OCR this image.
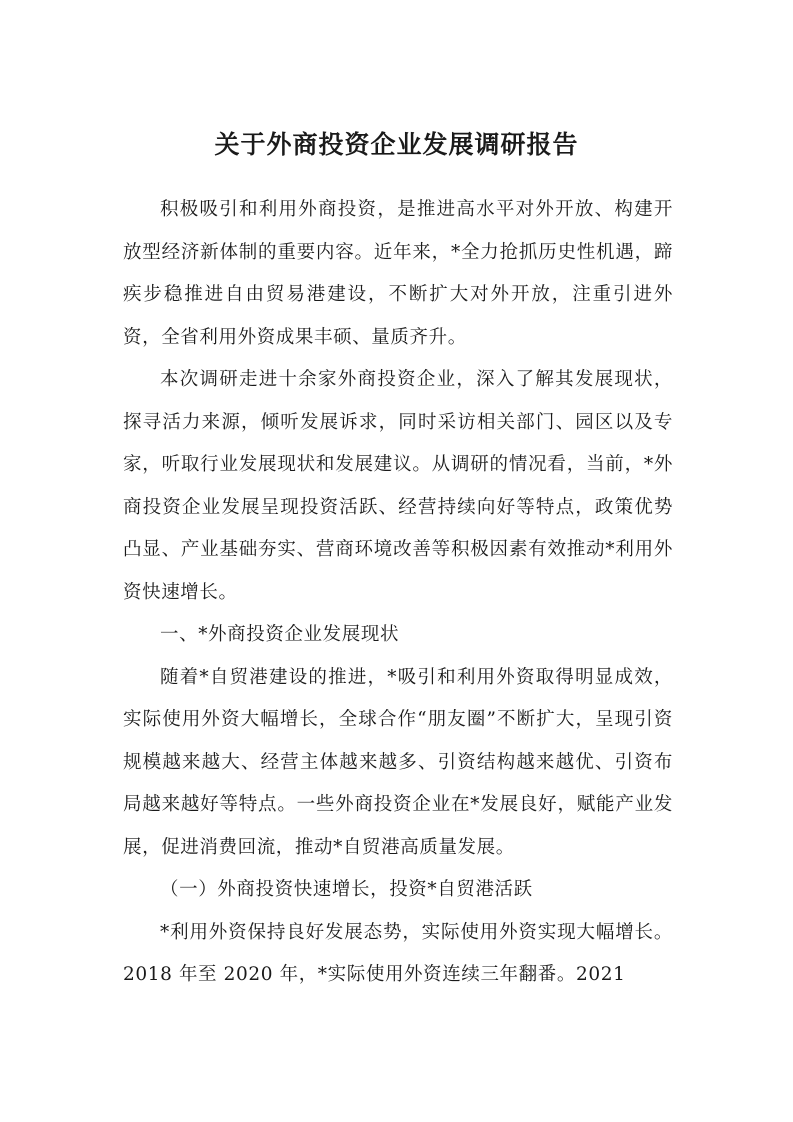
关于外商投资企业发展调研报告

积极吸引和利用外商投资，是推进高水平对外开放、构建开放型经济新体制的重要内容。近年来，*全力抢抓历史性机遇，蹄疾步稳推进自由贸易港建设，不断扩大对外开放，注重引进外资，全省利用外资成果丰硕、量质齐升。

本次调研走进十余家外商投资企业，深入了解其发展现状，探寻活力来源，倾听发展诉求，同时采访相关部门、园区以及专家，听取行业发展现状和发展建议。从调研的情况看，当前，*外商投资企业发展呈现投资活跃、经营持续向好等特点，政策优势凸显、产业基础夯实、营商环境改善等积极因素有效推动*利用外资快速增长。

一、*外商投资企业发展现状

随着*自贸港建设的推进，*吸引和利用外资取得明显成效，实际使用外资大幅增长，全球合作“朋友圈”不断扩大，呈现引资规模越来越大、经营主体越来越多、引资结构越来越优、引资布局越来越好等特点。一些外商投资企业在*发展良好，赋能产业发展，促进消费回流，推动*自贸港高质量发展。

（一）外商投资快速增长，投资*自贸港活跃

*利用外资保持良好发展态势，实际使用外资实现大幅增长。2018 年至 2020 年，*实际使用外资连续三年翻番。2021
